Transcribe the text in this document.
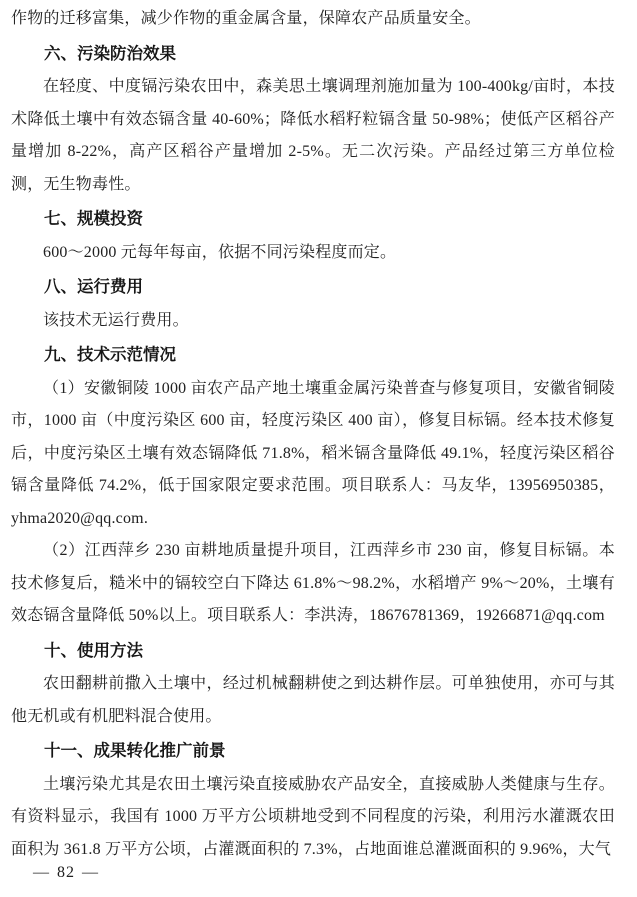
作物的迁移富集，减少作物的重金属含量，保障农产品质量安全。

六、污染防治效果

在轻度、中度镉污染农田中，森美思土壤调理剂施加量为 100-400kg/亩时，本技术降低土壤中有效态镉含量 40-60%；降低水稻籽粒镉含量 50-98%；使低产区稻谷产量增加 8-22%，高产区稻谷产量增加 2-5%。无二次污染。产品经过第三方单位检测，无生物毒性。

七、规模投资

600～2000 元每年每亩，依据不同污染程度而定。

八、运行费用

该技术无运行费用。

九、技术示范情况

（1）安徽铜陵 1000 亩农产品产地土壤重金属污染普查与修复项目，安徽省铜陵市，1000 亩（中度污染区 600 亩，轻度污染区 400 亩），修复目标镉。经本技术修复后，中度污染区土壤有效态镉降低 71.8%，稻米镉含量降低 49.1%，轻度污染区稻谷镉含量降低 74.2%，低于国家限定要求范围。项目联系人：马友华，13956950385，yhma2020@qq.com.

（2）江西萍乡 230 亩耕地质量提升项目，江西萍乡市 230 亩，修复目标镉。本技术修复后，糙米中的镉较空白下降达 61.8%～98.2%，水稻增产 9%～20%，土壤有效态镉含量降低 50%以上。项目联系人：李洪涛，18676781369，19266871@qq.com

十、使用方法

农田翻耕前撒入土壤中，经过机械翻耕使之到达耕作层。可单独使用，亦可与其他无机或有机肥料混合使用。

十一、成果转化推广前景

土壤污染尤其是农田土壤污染直接威胁农产品安全，直接威胁人类健康与生存。有资料显示，我国有 1000 万平方公顷耕地受到不同程度的污染，利用污水灌溉农田面积为 361.8 万平方公顷，占灌溉面积的 7.3%，占地面谁总灌溉面积的 9.96%，大气

— 82 —
